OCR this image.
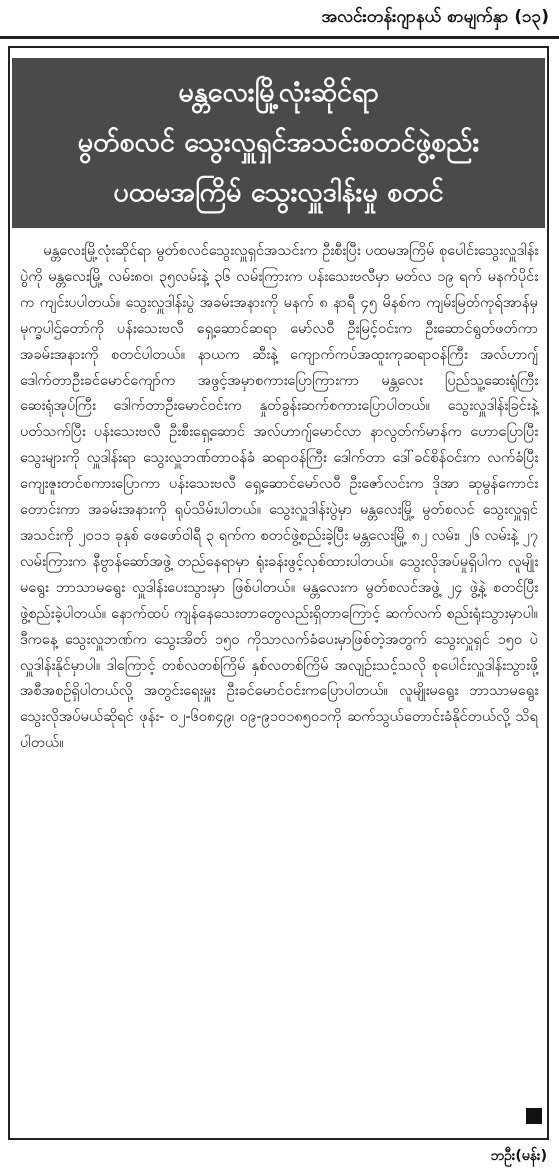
အလင်းတန်းဂျာနယ် စာမျက်နှာ (၁၃)
မန္တလေးမြို့လုံးဆိုင်ရာ
မွတ်စလင် သွေးလှူရှင်အသင်းစတင်ဖွဲ့စည်း
ပထမအကြိမ် သွေးလှူဒါန်းမှု စတင်
မန္တလေးမြို့လုံးဆိုင်ရာ မွတ်စလင်သွေးလှူရှင်အသင်းက ဦးစီးပြီး ပထမအကြိမ် စုပေါင်းသွေးလှူဒါန်းပွဲကို မန္တလေးမြို့ လမ်း၈၀၊ ၃၅လမ်းနဲ့ ၃၆ လမ်းကြားက ပန်းသေးဗလီမှာ မတ်လ ၁၉ ရက် မနက်ပိုင်းက ကျင်းပပါတယ်။ သွေးလှူဒါန်းပွဲ အခမ်းအနားကို မနက် ၈ နာရီ ၄၅ မိနစ်က ကျမ်းမြတ်ကုရ်အာန်မှ မုက္ခပါဌ်တော်ကို ပန်းသေးဗလီ ရှေ့ဆောင်ဆရာ မော်လဝီ ဦးမြင့်ဝင်းက ဦးဆောင်ရွတ်ဖတ်ကာ အခမ်းအနားကို စတင်ပါတယ်။ နာယက ဆီးနဲ့ ကျောက်ကပ်အထူးကုဆရာဝန်ကြီး အလ်ဟာဂျ် ဒေါက်တာဦးခင်မောင်ကျော်က အဖွင့်အမှာစကားပြောကြားကာ မန္တလေး ပြည်သူ့ဆေးရုံကြီး ဆေးရုံအုပ်ကြီး ဒေါက်တာဦးမောင်ဝင်းက နှုတ်ခွန်းဆက်စကားပြောပါတယ်။ သွေးလှူဒါန်းခြင်းနဲ့ပတ်သက်ပြီး ပန်းသေးဗလီ ဦးစီးရှေ့ဆောင် အလ်ဟာဂျ်မောင်လာ နာလွတ်က်မာန်က ဟောပြောပြီး သွေးများကို လှူဒါန်းရာ သွေးလှူဘဏ်တာဝန်ခံ ဆရာဝန်ကြီး ဒေါက်တာ ဒေါ်ခင်စိန်ဝင်းက လက်ခံပြီး ကျေးဇူးတင်စကားပြောကာ ပန်းသေးဗလီ ရှေ့ဆောင်မော်လဝီ ဦးဇော်လင်းက ဒိုအာ ဆုမွန်ကောင်းတောင်းကာ အခမ်းအနားကို ရုပ်သိမ်းပါတယ်။ သွေးလှူဒါန်းပွဲမှာ မန္တလေးမြို့ မွတ်စလင် သွေးလှူရှင်အသင်းကို ၂၀၁၁ ခုနှစ် ဖေဖော်ဝါရီ ၃ ရက်က စတင်ဖွဲ့စည်းခဲ့ပြီး မန္တလေးမြို့ ၈၂ လမ်း၊ ၂၆ လမ်းနဲ့ ၂၇ လမ်းကြားက နီဗွာန်ဆော်အဖွဲ့ တည်နေရာမှာ ရုံးခန်းဖွင့်လှစ်ထားပါတယ်။ သွေးလိုအပ်မှုရှိပါက လူမျိုးမရွေး ဘာသာမရွေး လှူဒါန်းပေးသွားမှာ ဖြစ်ပါတယ်။ မန္တလေးက မွတ်စလင်အဖွဲ့ ၂၄ ဖွဲ့နဲ့ စတင်ပြီး ဖွဲ့စည်းခဲ့ပါတယ်။ နောက်ထပ် ကျန်နေသေးတာတွေလည်းရှိတာကြောင့် ဆက်လက် စည်းရုံးသွားမှာပါ။ ဒီကနေ့ သွေးလှူဘဏ်က သွေးအိတ် ၁၅၀ ကိုသာလက်ခံပေးမှာဖြစ်တဲ့အတွက် သွေးလှူရှင် ၁၅၀ ပဲ လှူဒါန်းနိုင်မှာပါ။ ဒါကြောင့် တစ်လတစ်ကြိမ် နှစ်လတစ်ကြိမ် အလျဉ်းသင့်သလို စုပေါင်းလှူဒါန်းသွားဖို့ အစီအစဉ်ရှိပါတယ်လို့ အတွင်းရေးမှူး ဦးခင်မောင်ဝင်းကပြောပါတယ်။ လူမျိုးမရွေး ဘာသာမရွေး သွေးလိုအပ်မယ်ဆိုရင် ဖုန်း- ၀၂-၆၀၈၄၉၊ ၀၉-၉၁၀၁၈၅၀၁ကို ဆက်သွယ်တောင်းခံနိုင်တယ်လို့ သိရပါတယ်။
ဘဦး(မန်း)
